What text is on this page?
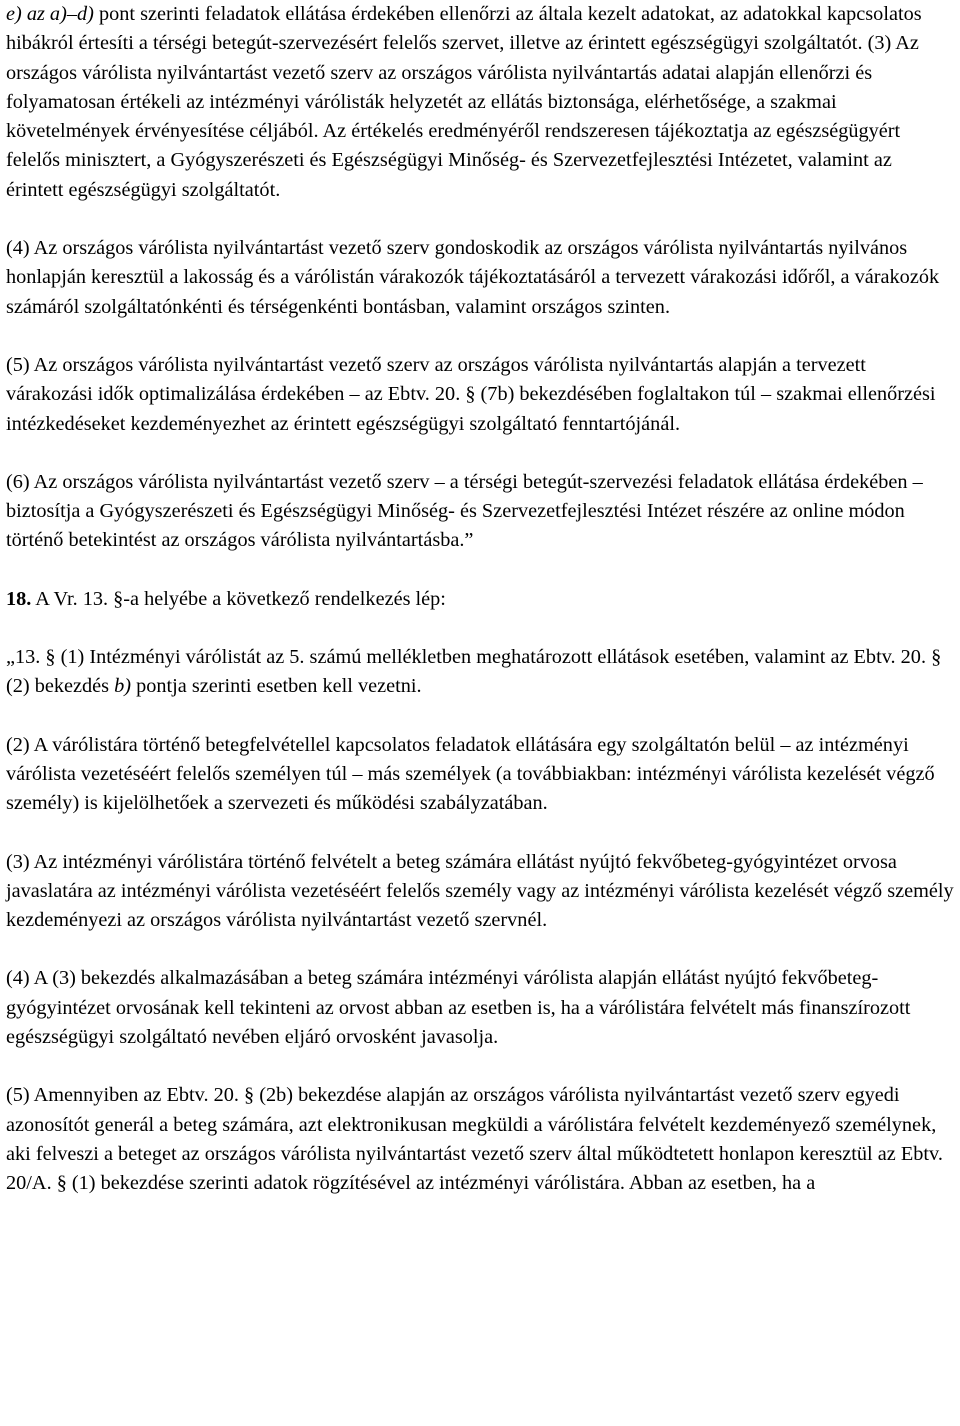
e) az a)–d) pont szerinti feladatok ellátása érdekében ellenőrzi az általa kezelt adatokat, az adatokkal kapcsolatos hibákról értesíti a térségi betegút-szervezésért felelős szervet, illetve az érintett egészségügyi szolgáltatót. (3) Az országos várólista nyilvántartást vezető szerv az országos várólista nyilvántartás adatai alapján ellenőrzi és folyamatosan értékeli az intézményi várólisták helyzetét az ellátás biztonsága, elérhetősége, a szakmai követelmények érvényesítése céljából. Az értékelés eredményéről rendszeresen tájékoztatja az egészségügyért felelős minisztert, a Gyógyszerészeti és Egészségügyi Minőség- és Szervezetfejlesztési Intézetet, valamint az érintett egészségügyi szolgáltatót.

(4) Az országos várólista nyilvántartást vezető szerv gondoskodik az országos várólista nyilvántartás nyilvános honlapján keresztül a lakosság és a várólistán várakozók tájékoztatásáról a tervezett várakozási időről, a várakozók számáról szolgáltatónkénti és térségenkénti bontásban, valamint országos szinten.

(5) Az országos várólista nyilvántartást vezető szerv az országos várólista nyilvántartás alapján a tervezett várakozási idők optimalizálása érdekében – az Ebtv. 20. § (7b) bekezdésében foglaltakon túl – szakmai ellenőrzési intézkedéseket kezdeményezhet az érintett egészségügyi szolgáltató fenntartójánál.

(6) Az országos várólista nyilvántartást vezető szerv – a térségi betegút-szervezési feladatok ellátása érdekében – biztosítja a Gyógyszerészeti és Egészségügyi Minőség- és Szervezetfejlesztési Intézet részére az online módon történő betekintést az országos várólista nyilvántartásba.”

18. A Vr. 13. §-a helyébe a következő rendelkezés lép:

„13. § (1) Intézményi várólistát az 5. számú mellékletben meghatározott ellátások esetében, valamint az Ebtv. 20. § (2) bekezdés b) pontja szerinti esetben kell vezetni.

(2) A várólistára történő betegfelvétellel kapcsolatos feladatok ellátására egy szolgáltatón belül – az intézményi várólista vezetéséért felelős személyen túl – más személyek (a továbbiakban: intézményi várólista kezelését végző személy) is kijelölhetőek a szervezeti és működési szabályzatában.

(3) Az intézményi várólistára történő felvételt a beteg számára ellátást nyújtó fekvőbeteg-gyógyintézet orvosa javaslatára az intézményi várólista vezetéséért felelős személy vagy az intézményi várólista kezelését végző személy kezdeményezi az országos várólista nyilvántartást vezető szervnél.

(4) A (3) bekezdés alkalmazásában a beteg számára intézményi várólista alapján ellátást nyújtó fekvőbeteg-gyógyintézet orvosának kell tekinteni az orvost abban az esetben is, ha a várólistára felvételt más finanszírozott egészségügyi szolgáltató nevében eljáró orvosként javasolja.

(5) Amennyiben az Ebtv. 20. § (2b) bekezdése alapján az országos várólista nyilvántartást vezető szerv egyedi azonosítót generál a beteg számára, azt elektronikusan megküldi a várólistára felvételt kezdeményező személynek, aki felveszi a beteget az országos várólista nyilvántartást vezető szerv által működtetett honlapon keresztül az Ebtv. 20/A. § (1) bekezdése szerinti adatok rögzítésével az intézményi várólistára. Abban az esetben, ha a
